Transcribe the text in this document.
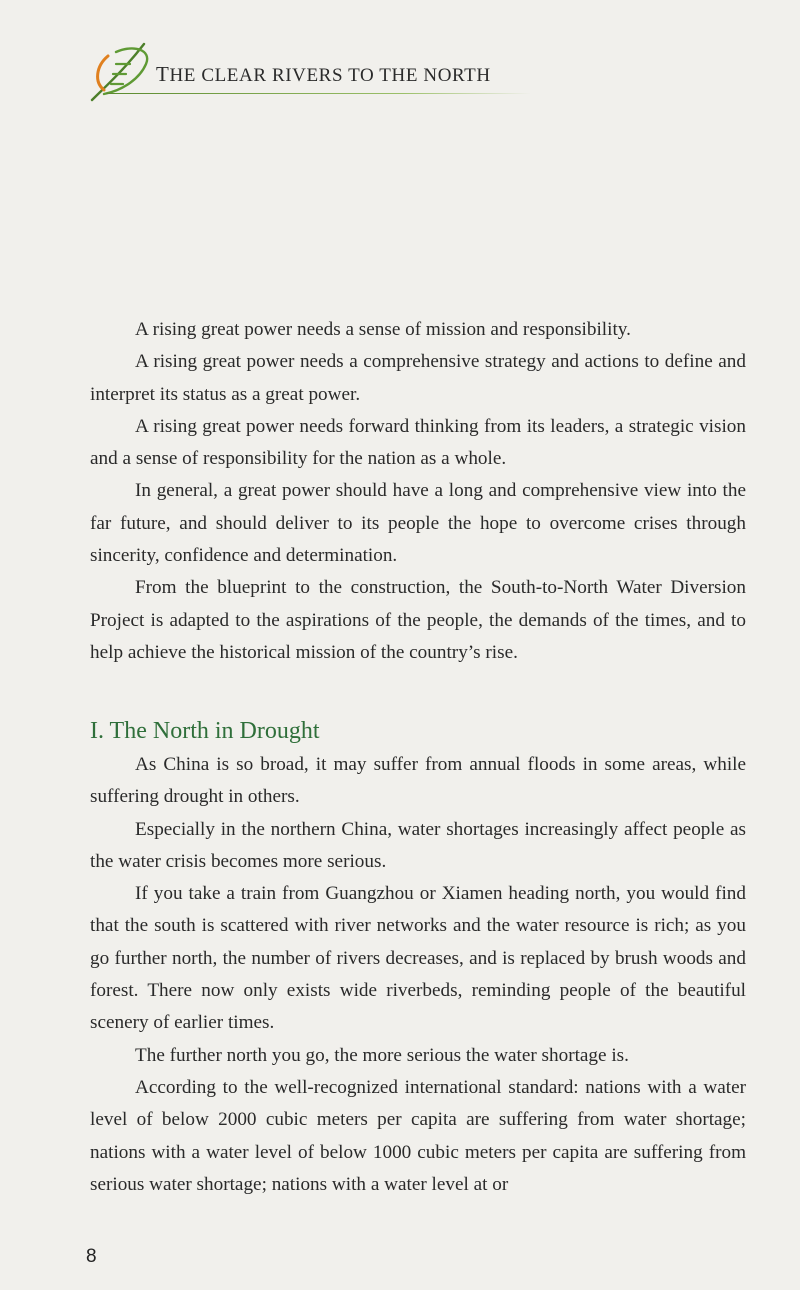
THE CLEAR RIVERS TO THE NORTH

A rising great power needs a sense of mission and responsibility.

A rising great power needs a comprehensive strategy and actions to define and interpret its status as a great power.

A rising great power needs forward thinking from its leaders, a strategic vision and a sense of responsibility for the nation as a whole.

In general, a great power should have a long and comprehensive view into the far future, and should deliver to its people the hope to overcome crises through sincerity, confidence and determination.

From the blueprint to the construction, the South-to-North Water Diversion Project is adapted to the aspirations of the people, the demands of the times, and to help achieve the historical mission of the country’s rise.

I. The North in Drought

As China is so broad, it may suffer from annual floods in some areas, while suffering drought in others.

Especially in the northern China, water shortages increasingly affect people as the water crisis becomes more serious.

If you take a train from Guangzhou or Xiamen heading north, you would find that the south is scattered with river networks and the water resource is rich; as you go further north, the number of rivers decreases, and is replaced by brush woods and forest. There now only exists wide riverbeds, reminding people of the beautiful scenery of earlier times.

The further north you go, the more serious the water shortage is.

According to the well-recognized international standard: nations with a water level of below 2000 cubic meters per capita are suffering from water shortage; nations with a water level of below 1000 cubic meters per capita are suffering from serious water shortage; nations with a water level at or

8
